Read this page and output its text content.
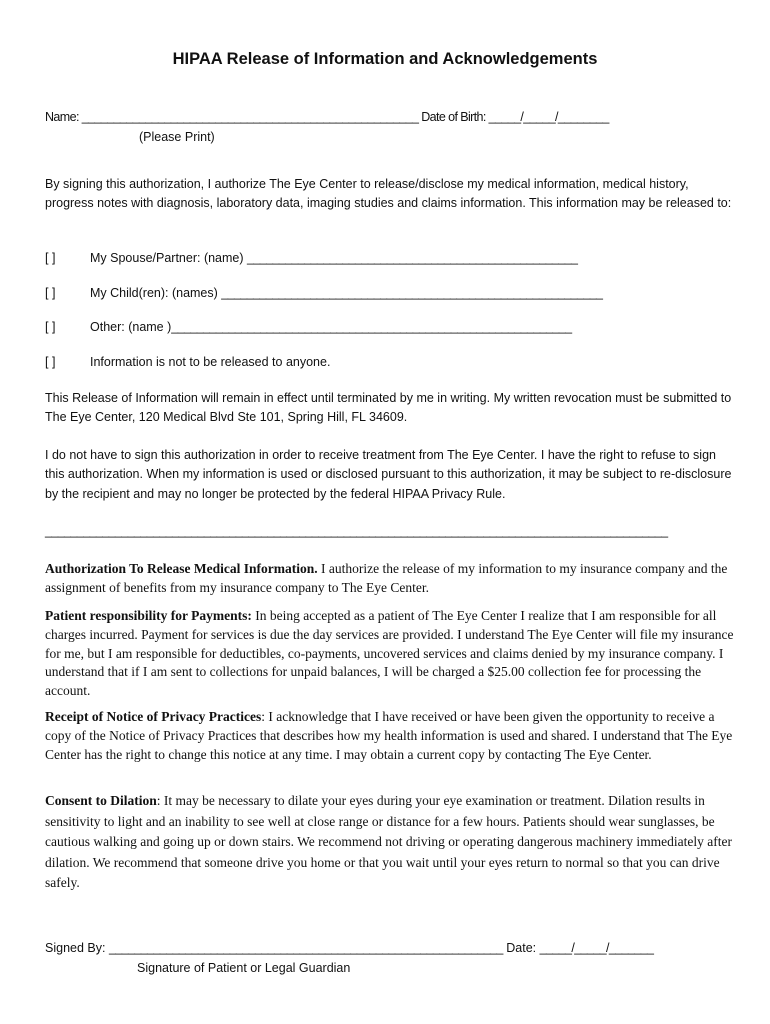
HIPAA Release of Information and Acknowledgements
Name: _____________________________________________________ Date of Birth: _____/_____/________
(Please Print)
By signing this authorization, I authorize The Eye Center to release/disclose my medical information, medical history, progress notes with diagnosis, laboratory data, imaging studies and claims information. This information may be released to:
[ ]	My Spouse/Partner: (name) ____________________________________________________
[ ]	My Child(ren): (names) ____________________________________________________________
[ ]	Other: (name )_______________________________________________________________
[ ]	Information is not to be released to anyone.
This Release of Information will remain in effect until terminated by me in writing. My written revocation must be submitted to The Eye Center, 120 Medical Blvd Ste 101, Spring Hill, FL 34609.
I do not have to sign this authorization in order to receive treatment from The Eye Center. I have the right to refuse to sign this authorization. When my information is used or disclosed pursuant to this authorization, it may be subject to re-disclosure by the recipient and may no longer be protected by the federal HIPAA Privacy Rule.
__________________________________________________________________________________________________
Authorization To Release Medical Information. I authorize the release of my information to my insurance company and the assignment of benefits from my insurance company to The Eye Center.
Patient responsibility for Payments: In being accepted as a patient of The Eye Center I realize that I am responsible for all charges incurred. Payment for services is due the day services are provided. I understand The Eye Center will file my insurance for me, but I am responsible for deductibles, co-payments, uncovered services and claims denied by my insurance company. I understand that if I am sent to collections for unpaid balances, I will be charged a $25.00 collection fee for processing the account.
Receipt of Notice of Privacy Practices: I acknowledge that I have received or have been given the opportunity to receive a copy of the Notice of Privacy Practices that describes how my health information is used and shared. I understand that The Eye Center has the right to change this notice at any time. I may obtain a current copy by contacting The Eye Center.
Consent to Dilation: It may be necessary to dilate your eyes during your eye examination or treatment. Dilation results in sensitivity to light and an inability to see well at close range or distance for a few hours. Patients should wear sunglasses, be cautious walking and going up or down stairs. We recommend not driving or operating dangerous machinery immediately after dilation. We recommend that someone drive you home or that you wait until your eyes return to normal so that you can drive safely.
Signed By: ______________________________________________________________ Date: _____/_____/_______
Signature of Patient or Legal Guardian
